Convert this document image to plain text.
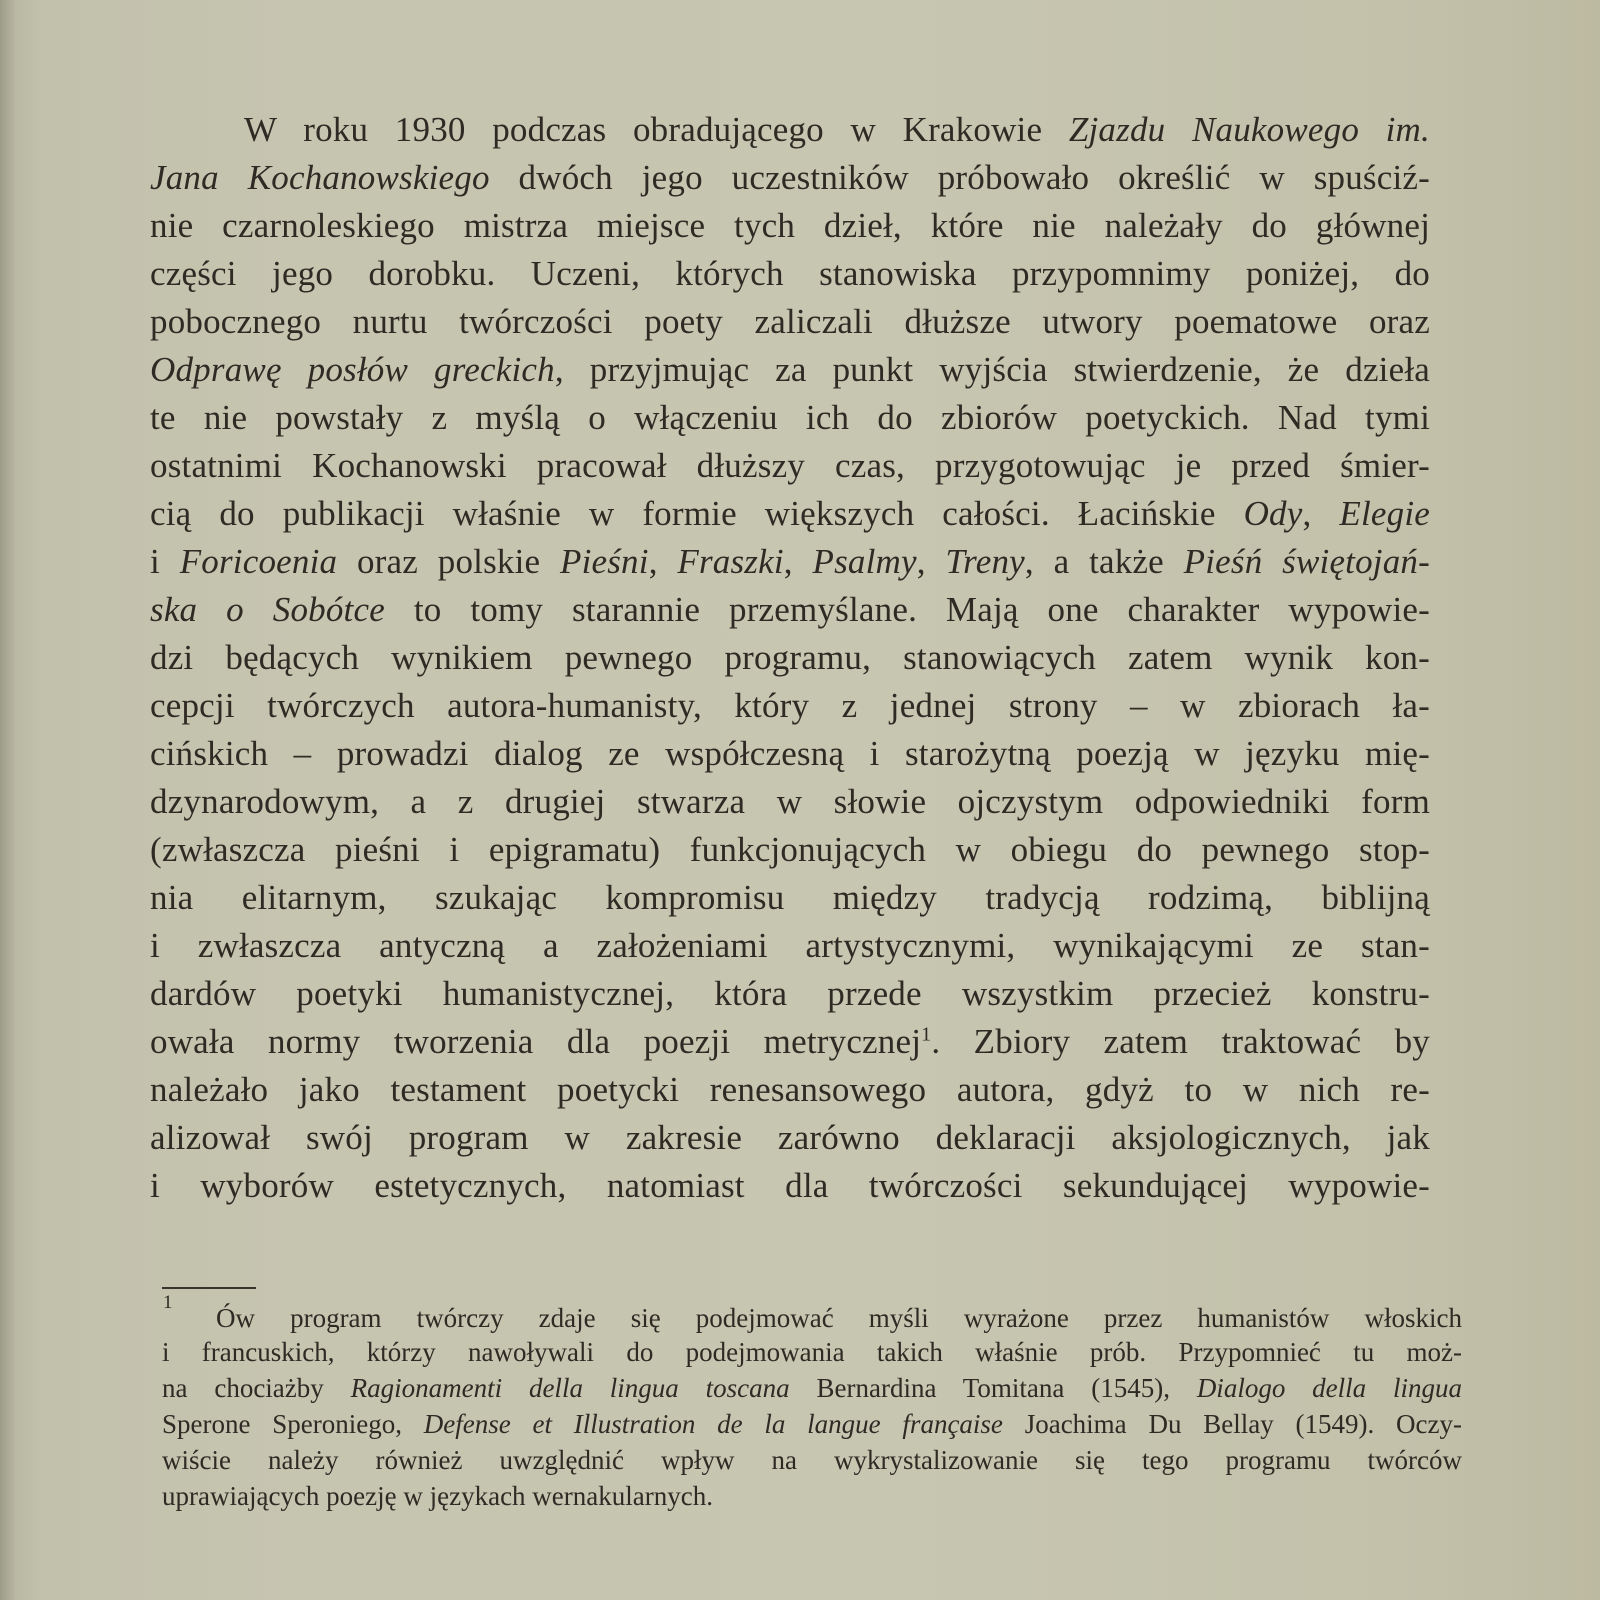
W roku 1930 podczas obradującego w Krakowie Zjazdu Naukowego im.
Jana Kochanowskiego dwóch jego uczestników próbowało określić w spuściź-
nie czarnoleskiego mistrza miejsce tych dzieł, które nie należały do głównej
części jego dorobku. Uczeni, których stanowiska przypomnimy poniżej, do
pobocznego nurtu twórczości poety zaliczali dłuższe utwory poematowe oraz
Odprawę posłów greckich, przyjmując za punkt wyjścia stwierdzenie, że dzieła
te nie powstały z myślą o włączeniu ich do zbiorów poetyckich. Nad tymi
ostatnimi Kochanowski pracował dłuższy czas, przygotowując je przed śmier-
cią do publikacji właśnie w formie większych całości. Łacińskie Ody, Elegie
i Foricoenia oraz polskie Pieśni, Fraszki, Psalmy, Treny, a także Pieśń świętojań-
ska o Sobótce to tomy starannie przemyślane. Mają one charakter wypowie-
dzi będących wynikiem pewnego programu, stanowiących zatem wynik kon-
cepcji twórczych autora-humanisty, który z jednej strony – w zbiorach ła-
cińskich – prowadzi dialog ze współczesną i starożytną poezją w języku mię-
dzynarodowym, a z drugiej stwarza w słowie ojczystym odpowiedniki form
(zwłaszcza pieśni i epigramatu) funkcjonujących w obiegu do pewnego stop-
nia elitarnym, szukając kompromisu między tradycją rodzimą, biblijną
i zwłaszcza antyczną a założeniami artystycznymi, wynikającymi ze stan-
dardów poetyki humanistycznej, która przede wszystkim przecież konstru-
owała normy tworzenia dla poezji metrycznej$^1$. Zbiory zatem traktować by
należało jako testament poetycki renesansowego autora, gdyż to w nich re-
alizował swój program w zakresie zarówno deklaracji aksjologicznych, jak
i wyborów estetycznych, natomiast dla twórczości sekundującej wypowie-
1
Ów program twórczy zdaje się podejmować myśli wyrażone przez humanistów włoskich
i francuskich, którzy nawoływali do podejmowania takich właśnie prób. Przypomnieć tu moż-
na chociażby Ragionamenti della lingua toscana Bernardina Tomitana (1545), Dialogo della lingua
Sperone Speroniego, Defense et Illustration de la langue française Joachima Du Bellay (1549). Oczy-
wiście należy również uwzględnić wpływ na wykrystalizowanie się tego programu twórców
uprawiających poezję w językach wernakularnych.
